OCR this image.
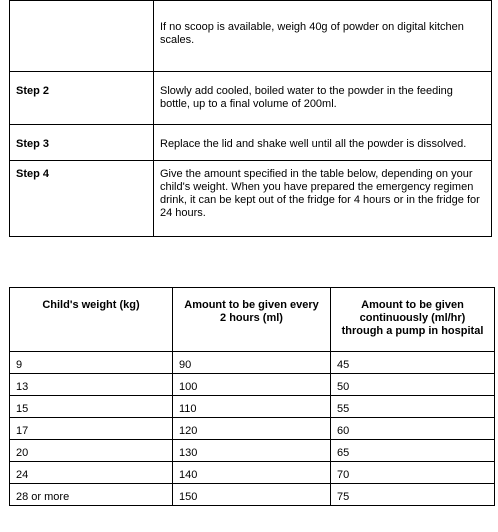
	If no scoop is available, weigh 40g of powder on digital kitchen scales.
Step 2	Slowly add cooled, boiled water to the powder in the feeding bottle, up to a final volume of 200ml.
Step 3	Replace the lid and shake well until all the powder is dissolved.
Step 4	Give the amount specified in the table below, depending on your child's weight. When you have prepared the emergency regimen drink, it can be kept out of the fridge for 4 hours or in the fridge for 24 hours.
Child's weight (kg)	Amount to be given every 2 hours (ml)	Amount to be given continuously (ml/hr) through a pump in hospital
9	90	45
13	100	50
15	110	55
17	120	60
20	130	65
24	140	70
28 or more	150	75
